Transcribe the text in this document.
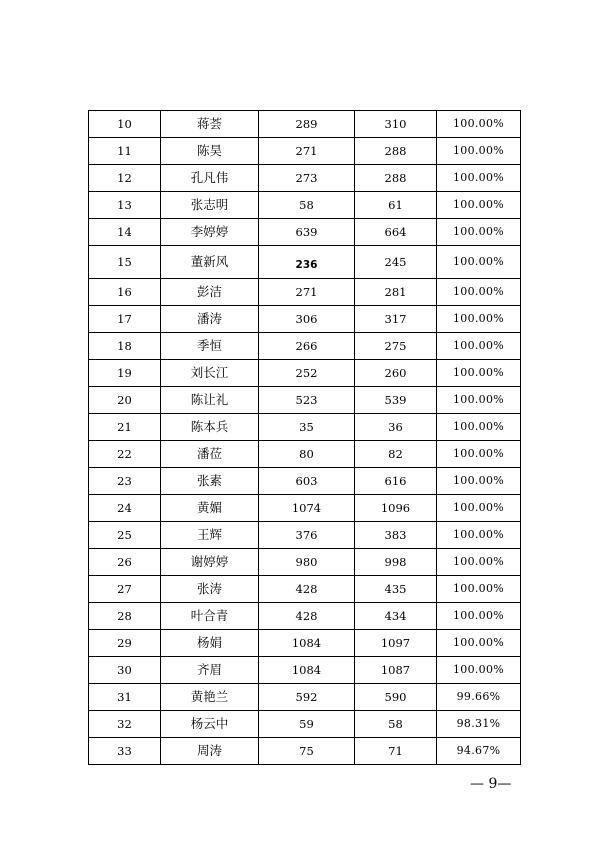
10	蒋荟	289	310	100.00%
11	陈昊	271	288	100.00%
12	孔凡伟	273	288	100.00%
13	张志明	58	61	100.00%
14	李婷婷	639	664	100.00%
15	董新风	236	245	100.00%
16	彭洁	271	281	100.00%
17	潘涛	306	317	100.00%
18	季恒	266	275	100.00%
19	刘长江	252	260	100.00%
20	陈让礼	523	539	100.00%
21	陈本兵	35	36	100.00%
22	潘莅	80	82	100.00%
23	张素	603	616	100.00%
24	黄媚	1074	1096	100.00%
25	王辉	376	383	100.00%
26	谢婷婷	980	998	100.00%
27	张涛	428	435	100.00%
28	叶合青	428	434	100.00%
29	杨娟	1084	1097	100.00%
30	齐眉	1084	1087	100.00%
31	黄艳兰	592	590	99.66%
32	杨云中	59	58	98.31%
33	周涛	75	71	94.67%
— 9—
